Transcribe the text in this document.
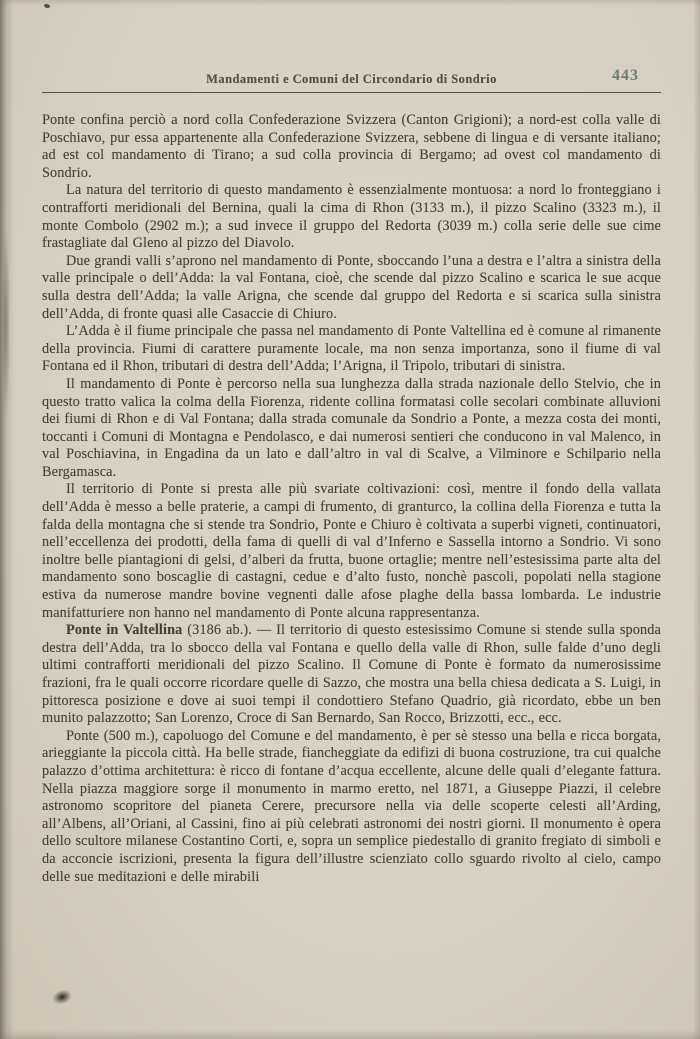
Mandamenti e Comuni del Circondario di Sondrio	443

Ponte confina perciò a nord colla Confederazione Svizzera (Canton Grigioni); a nord-est colla valle di Poschiavo, pur essa appartenente alla Confederazione Svizzera, sebbene di lingua e di versante italiano; ad est col mandamento di Tirano; a sud colla provincia di Bergamo; ad ovest col mandamento di Sondrio.

La natura del territorio di questo mandamento è essenzialmente montuosa: a nord lo fronteggiano i contrafforti meridionali del Bernina, quali la cima di Rhon (3133 m.), il pizzo Scalino (3323 m.), il monte Combolo (2902 m.); a sud invece il gruppo del Redorta (3039 m.) colla serie delle sue cime frastagliate dal Gleno al pizzo del Diavolo.

Due grandi valli s’aprono nel mandamento di Ponte, sboccando l’una a destra e l’altra a sinistra della valle principale o dell’Adda: la val Fontana, cioè, che scende dal pizzo Scalino e scarica le sue acque sulla destra dell’Adda; la valle Arigna, che scende dal gruppo del Redorta e si scarica sulla sinistra dell’Adda, di fronte quasi alle Casaccie di Chiuro.

L’Adda è il fiume principale che passa nel mandamento di Ponte Valtellina ed è comune al rimanente della provincia. Fiumi di carattere puramente locale, ma non senza importanza, sono il fiume di val Fontana ed il Rhon, tributari di destra dell’Adda; l’Arigna, il Tripolo, tributari di sinistra.

Il mandamento di Ponte è percorso nella sua lunghezza dalla strada nazionale dello Stelvio, che in questo tratto valica la colma della Fiorenza, ridente collina formatasi colle secolari combinate alluvioni dei fiumi di Rhon e di Val Fontana; dalla strada comunale da Sondrio a Ponte, a mezza costa dei monti, toccanti i Comuni di Montagna e Pendolasco, e dai numerosi sentieri che conducono in val Malenco, in val Poschiavina, in Engadina da un lato e dall’altro in val di Scalve, a Vilminore e Schilpario nella Bergamasca.

Il territorio di Ponte si presta alle più svariate coltivazioni: così, mentre il fondo della vallata dell’Adda è messo a belle praterie, a campi di frumento, di granturco, la collina della Fiorenza e tutta la falda della montagna che si stende tra Sondrio, Ponte e Chiuro è coltivata a superbi vigneti, continuatori, nell’eccellenza dei prodotti, della fama di quelli di val d’Inferno e Sassella intorno a Sondrio. Vi sono inoltre belle piantagioni di gelsi, d’alberi da frutta, buone ortaglie; mentre nell’estesissima parte alta del mandamento sono boscaglie di castagni, cedue e d’alto fusto, nonchè pascoli, popolati nella stagione estiva da numerose mandre bovine vegnenti dalle afose plaghe della bassa lombarda. Le industrie manifatturiere non hanno nel mandamento di Ponte alcuna rappresentanza.

Ponte in Valtellina (3186 ab.). — Il territorio di questo estesissimo Comune si stende sulla sponda destra dell’Adda, tra lo sbocco della val Fontana e quello della valle di Rhon, sulle falde d’uno degli ultimi contrafforti meridionali del pizzo Scalino. Il Comune di Ponte è formato da numerosissime frazioni, fra le quali occorre ricordare quelle di Sazzo, che mostra una bella chiesa dedicata a S. Luigi, in pittoresca posizione e dove ai suoi tempi il condottiero Stefano Quadrio, già ricordato, ebbe un ben munito palazzotto; San Lorenzo, Croce di San Bernardo, San Rocco, Brizzotti, ecc., ecc.

Ponte (500 m.), capoluogo del Comune e del mandamento, è per sè stesso una bella e ricca borgata, arieggiante la piccola città. Ha belle strade, fiancheggiate da edifizi di buona costruzione, tra cui qualche palazzo d’ottima architettura: è ricco di fontane d’acqua eccellente, alcune delle quali d’elegante fattura. Nella piazza maggiore sorge il monumento in marmo eretto, nel 1871, a Giuseppe Piazzi, il celebre astronomo scopritore del pianeta Cerere, precursore nella via delle scoperte celesti all’Arding, all’Albens, all’Oriani, al Cassini, fino ai più celebrati astronomi dei nostri giorni. Il monumento è opera dello scultore milanese Costantino Corti, e, sopra un semplice piedestallo di granito fregiato di simboli e da acconcie iscrizioni, presenta la figura dell’illustre scienziato collo sguardo rivolto al cielo, campo delle sue meditazioni e delle mirabili
